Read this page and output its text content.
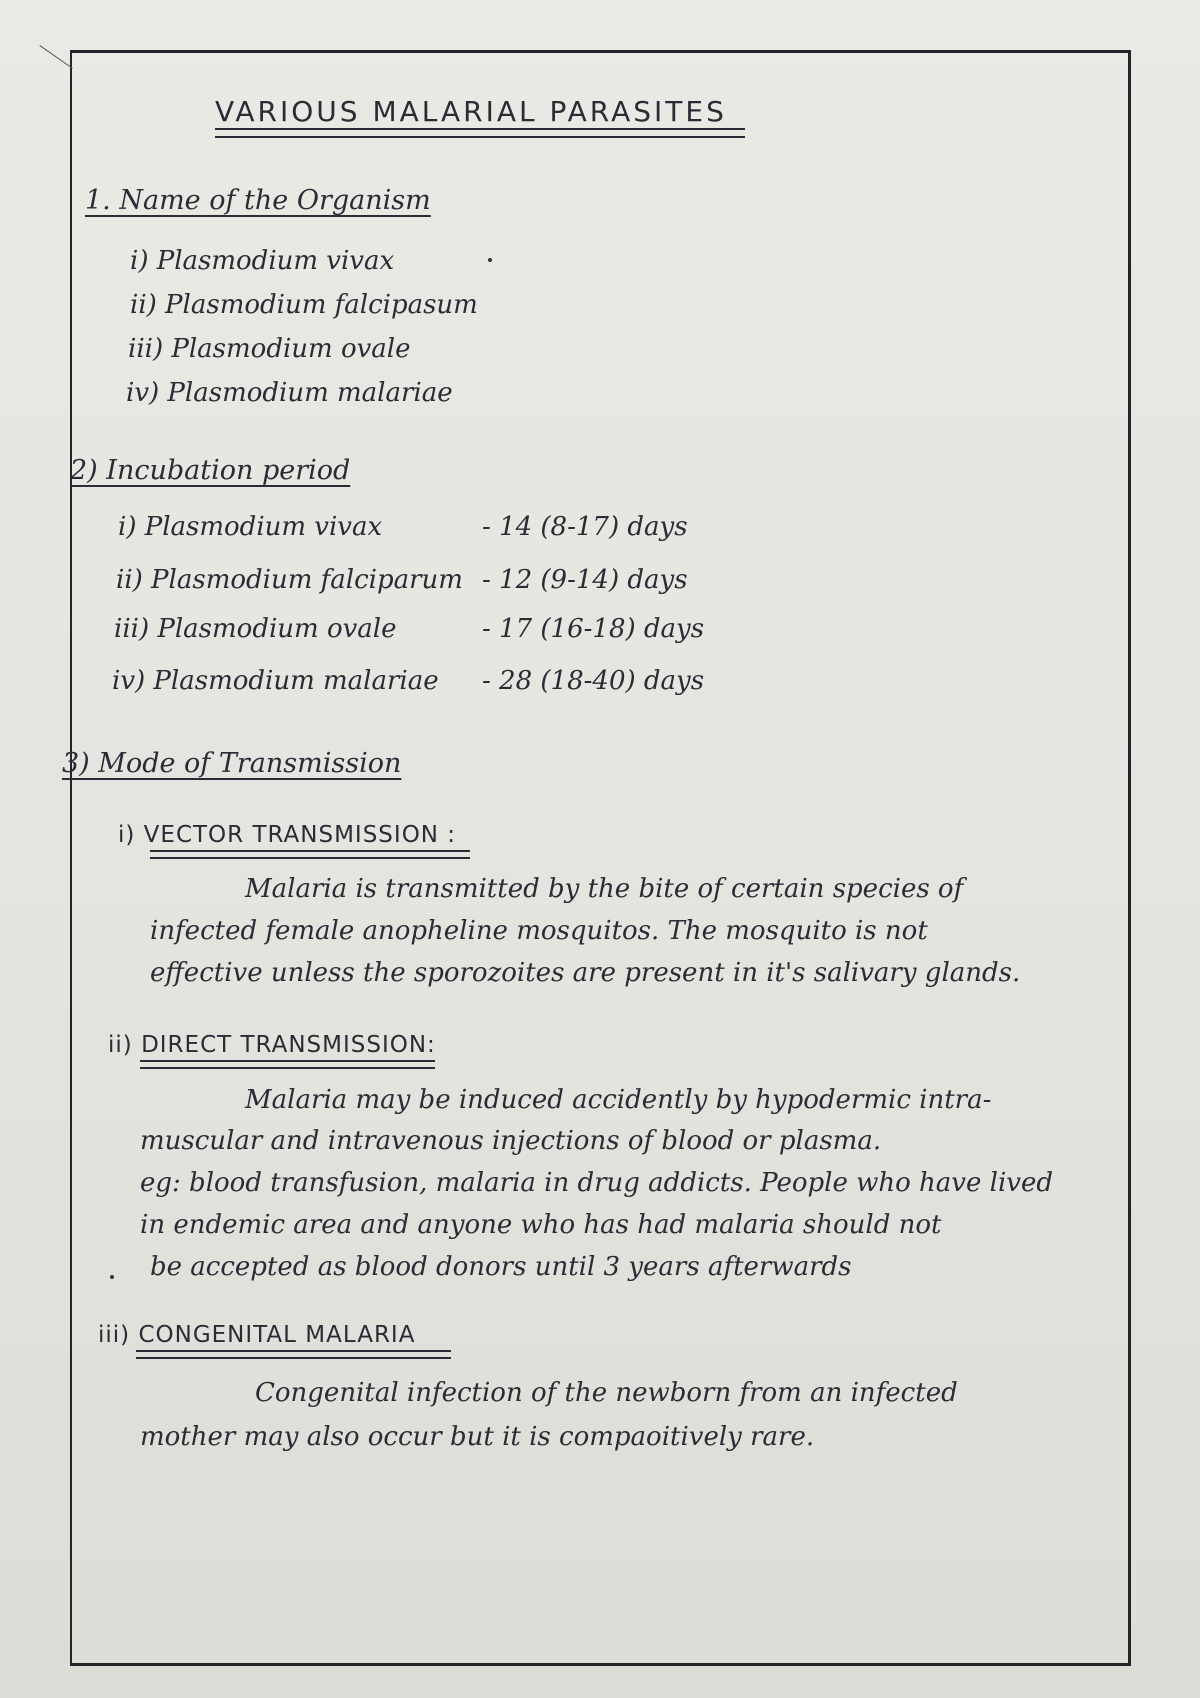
VARIOUS MALARIAL PARASITES
1. Name of the Organism
i) Plasmodium vivax
ii) Plasmodium falcipasum
iii) Plasmodium ovale
iv) Plasmodium malariae
2) Incubation period
i) Plasmodium vivax	- 14 (8-17) days
ii) Plasmodium falciparum - 12 (9-14) days
iii) Plasmodium ovale	- 17 (16-18) days
iv) Plasmodium malariae - 28 (18-40) days
3) Mode of Transmission
i) VECTOR TRANSMISSION :
Malaria is transmitted by the bite of certain species of
infected female anopheline mosquitos. The mosquito is not
effective unless the sporozoites are present in it's salivary glands.
ii) DIRECT TRANSMISSION:
Malaria may be induced accidently by hypodermic intra-
muscular and intravenous injections of blood or plasma.
eg: blood transfusion, malaria in drug addicts. People who have lived
in endemic area and anyone who has had malaria should not
be accepted as blood donors until 3 years afterwards
iii) CONGENITAL MALARIA
Congenital infection of the newborn from an infected
mother may also occur but it is compaoitively rare.
